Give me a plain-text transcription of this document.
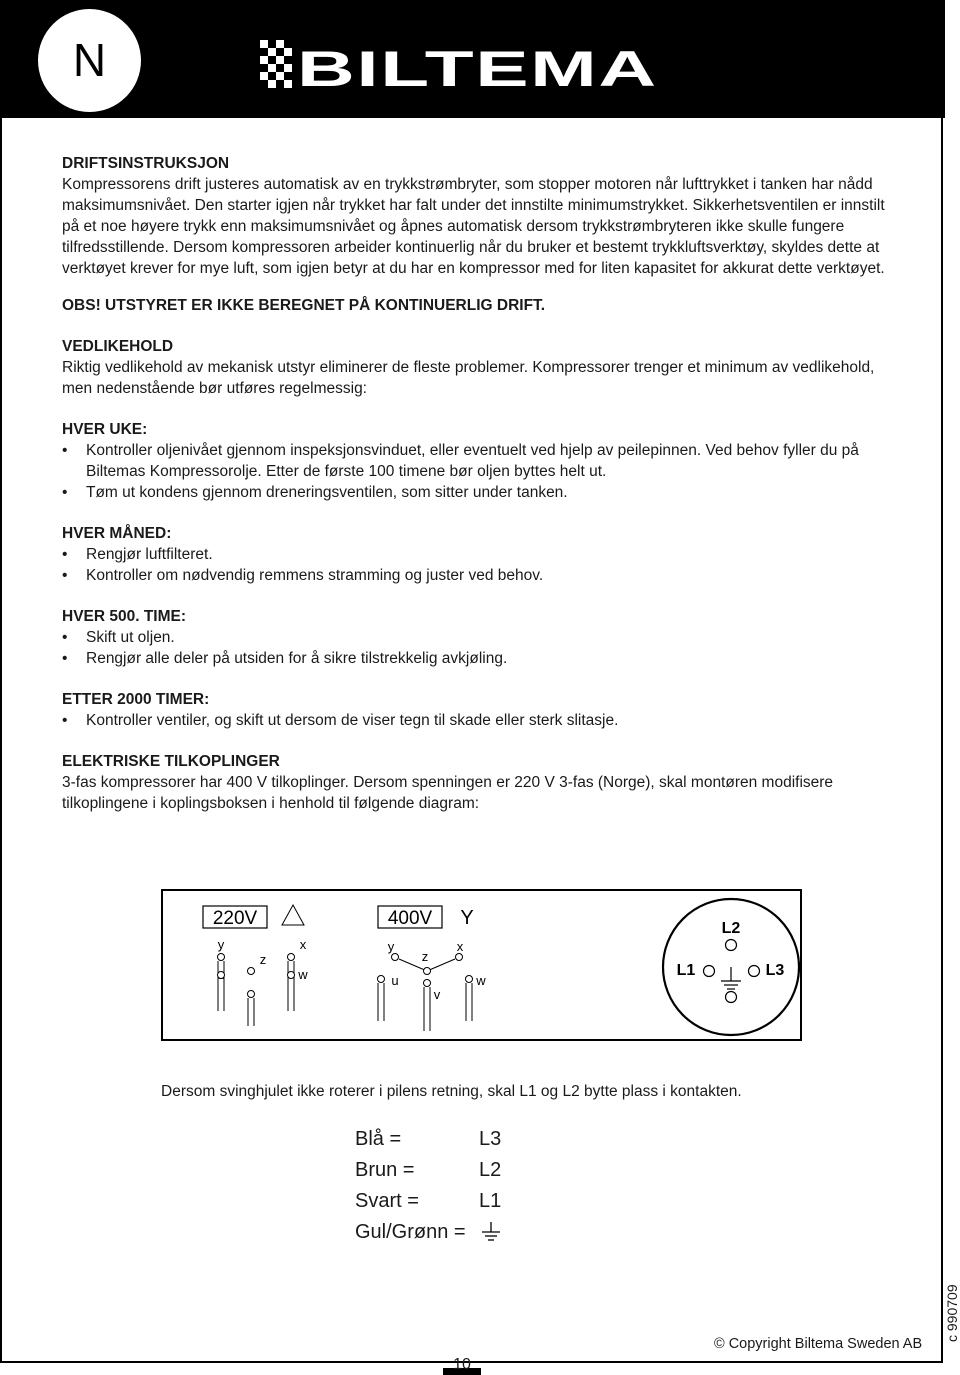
N	BILTEMA
DRIFTSINSTRUKSJON

Kompressorens drift justeres automatisk av en trykkstrømbryter, som stopper motoren når lufttrykket i tanken har nådd maksimumsnivået. Den starter igjen når trykket har falt under det innstilte minimumstrykket. Sikkerhetsventilen er innstilt på et noe høyere trykk enn maksimumsnivået og åpnes automatisk dersom trykkstrømbryteren ikke skulle fungere tilfredsstillende. Dersom kompressoren arbeider kontinuerlig når du bruker et bestemt trykkluftsverktøy, skyldes dette at verktøyet krever for mye luft, som igjen betyr at du har en kompressor med for liten kapasitet for akkurat dette verktøyet.

OBS! UTSTYRET ER IKKE BEREGNET PÅ KONTINUERLIG DRIFT.

VEDLIKEHOLD

Riktig vedlikehold av mekanisk utstyr eliminerer de fleste problemer. Kompressorer trenger et minimum av vedlikehold, men nedenstående bør utføres regelmessig:

HVER UKE:
• Kontroller oljenivået gjennom inspeksjonsvinduet, eller eventuelt ved hjelp av peilepinnen. Ved behov fyller du på Biltemas Kompressorolje. Etter de første 100 timene bør oljen byttes helt ut.
• Tøm ut kondens gjennom dreneringsventilen, som sitter under tanken.
HVER MÅNED:
• Rengjør luftfilteret.
• Kontroller om nødvendig remmens stramming og juster ved behov.
HVER 500. TIME:
• Skift ut oljen.
• Rengjør alle deler på utsiden for å sikre tilstrekkelig avkjøling.
ETTER 2000 TIMER:
• Kontroller ventiler, og skift ut dersom de viser tegn til skade eller sterk slitasje.
ELEKTRISKE TILKOPLINGER

3-fas kompressorer har 400 V tilkoplinger. Dersom spenningen er 220 V 3-fas (Norge), skal montøren modifisere tilkoplingene i koplingsboksen i henhold til følgende diagram:

220V
y	x
z
w
400V Y
y
z
x
u
v
w
L2
L1	L3
Dersom svinghjulet ikke roterer i pilens retning, skal L1 og L2 bytte plass i kontakten.
Blå =	L3
Brun =	L2
Svart =	L1
Gul/Grønn =
10
© Copyright Biltema Sweden AB
c 990709
